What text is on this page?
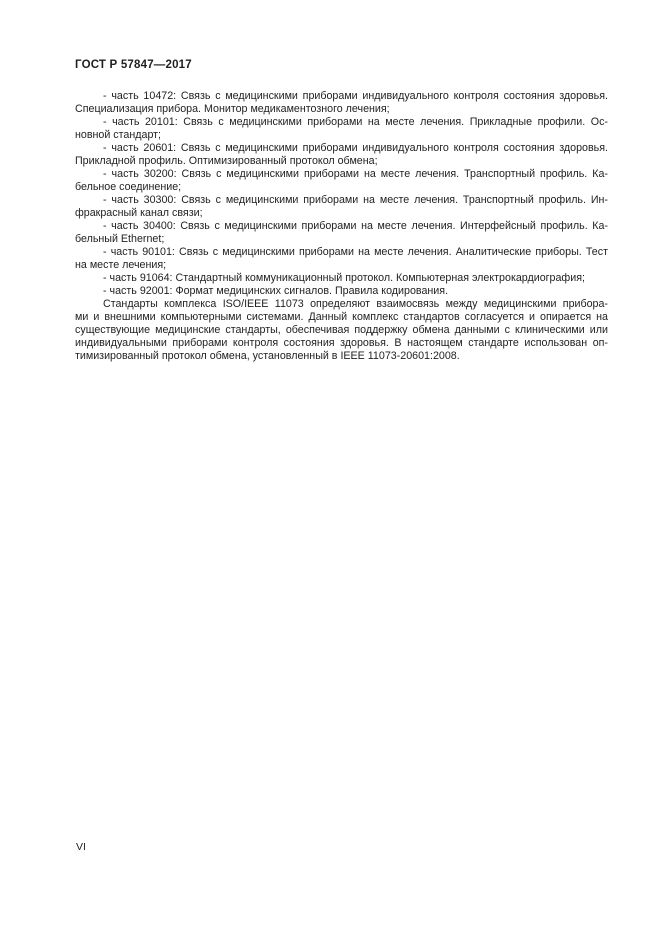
ГОСТ Р 57847—2017
- часть 10472: Связь с медицинскими приборами индивидуального контроля состояния здоровья.
Специализация прибора. Монитор медикаментозного лечения;
- часть 20101: Связь с медицинскими приборами на месте лечения. Прикладные профили. Ос-
новной стандарт;
- часть 20601: Связь с медицинскими приборами индивидуального контроля состояния здоровья.
Прикладной профиль. Оптимизированный протокол обмена;
- часть 30200: Связь с медицинскими приборами на месте лечения. Транспортный профиль. Ка-
бельное соединение;
- часть 30300: Связь с медицинскими приборами на месте лечения. Транспортный профиль. Ин-
фракрасный канал связи;
- часть 30400: Связь с медицинскими приборами на месте лечения. Интерфейсный профиль. Ка-
бельный Ethernet;
- часть 90101: Связь с медицинскими приборами на месте лечения. Аналитические приборы. Тест
на месте лечения;
- часть 91064: Стандартный коммуникационный протокол. Компьютерная электрокардиография;
- часть 92001: Формат медицинских сигналов. Правила кодирования.
Стандарты комплекса ISO/IEEE 11073 определяют взаимосвязь между медицинскими прибора-
ми и внешними компьютерными системами. Данный комплекс стандартов согласуется и опирается на
существующие медицинские стандарты, обеспечивая поддержку обмена данными с клиническими или
индивидуальными приборами контроля состояния здоровья. В настоящем стандарте использован оп-
тимизированный протокол обмена, установленный в IEEE 11073-20601:2008.
VI
